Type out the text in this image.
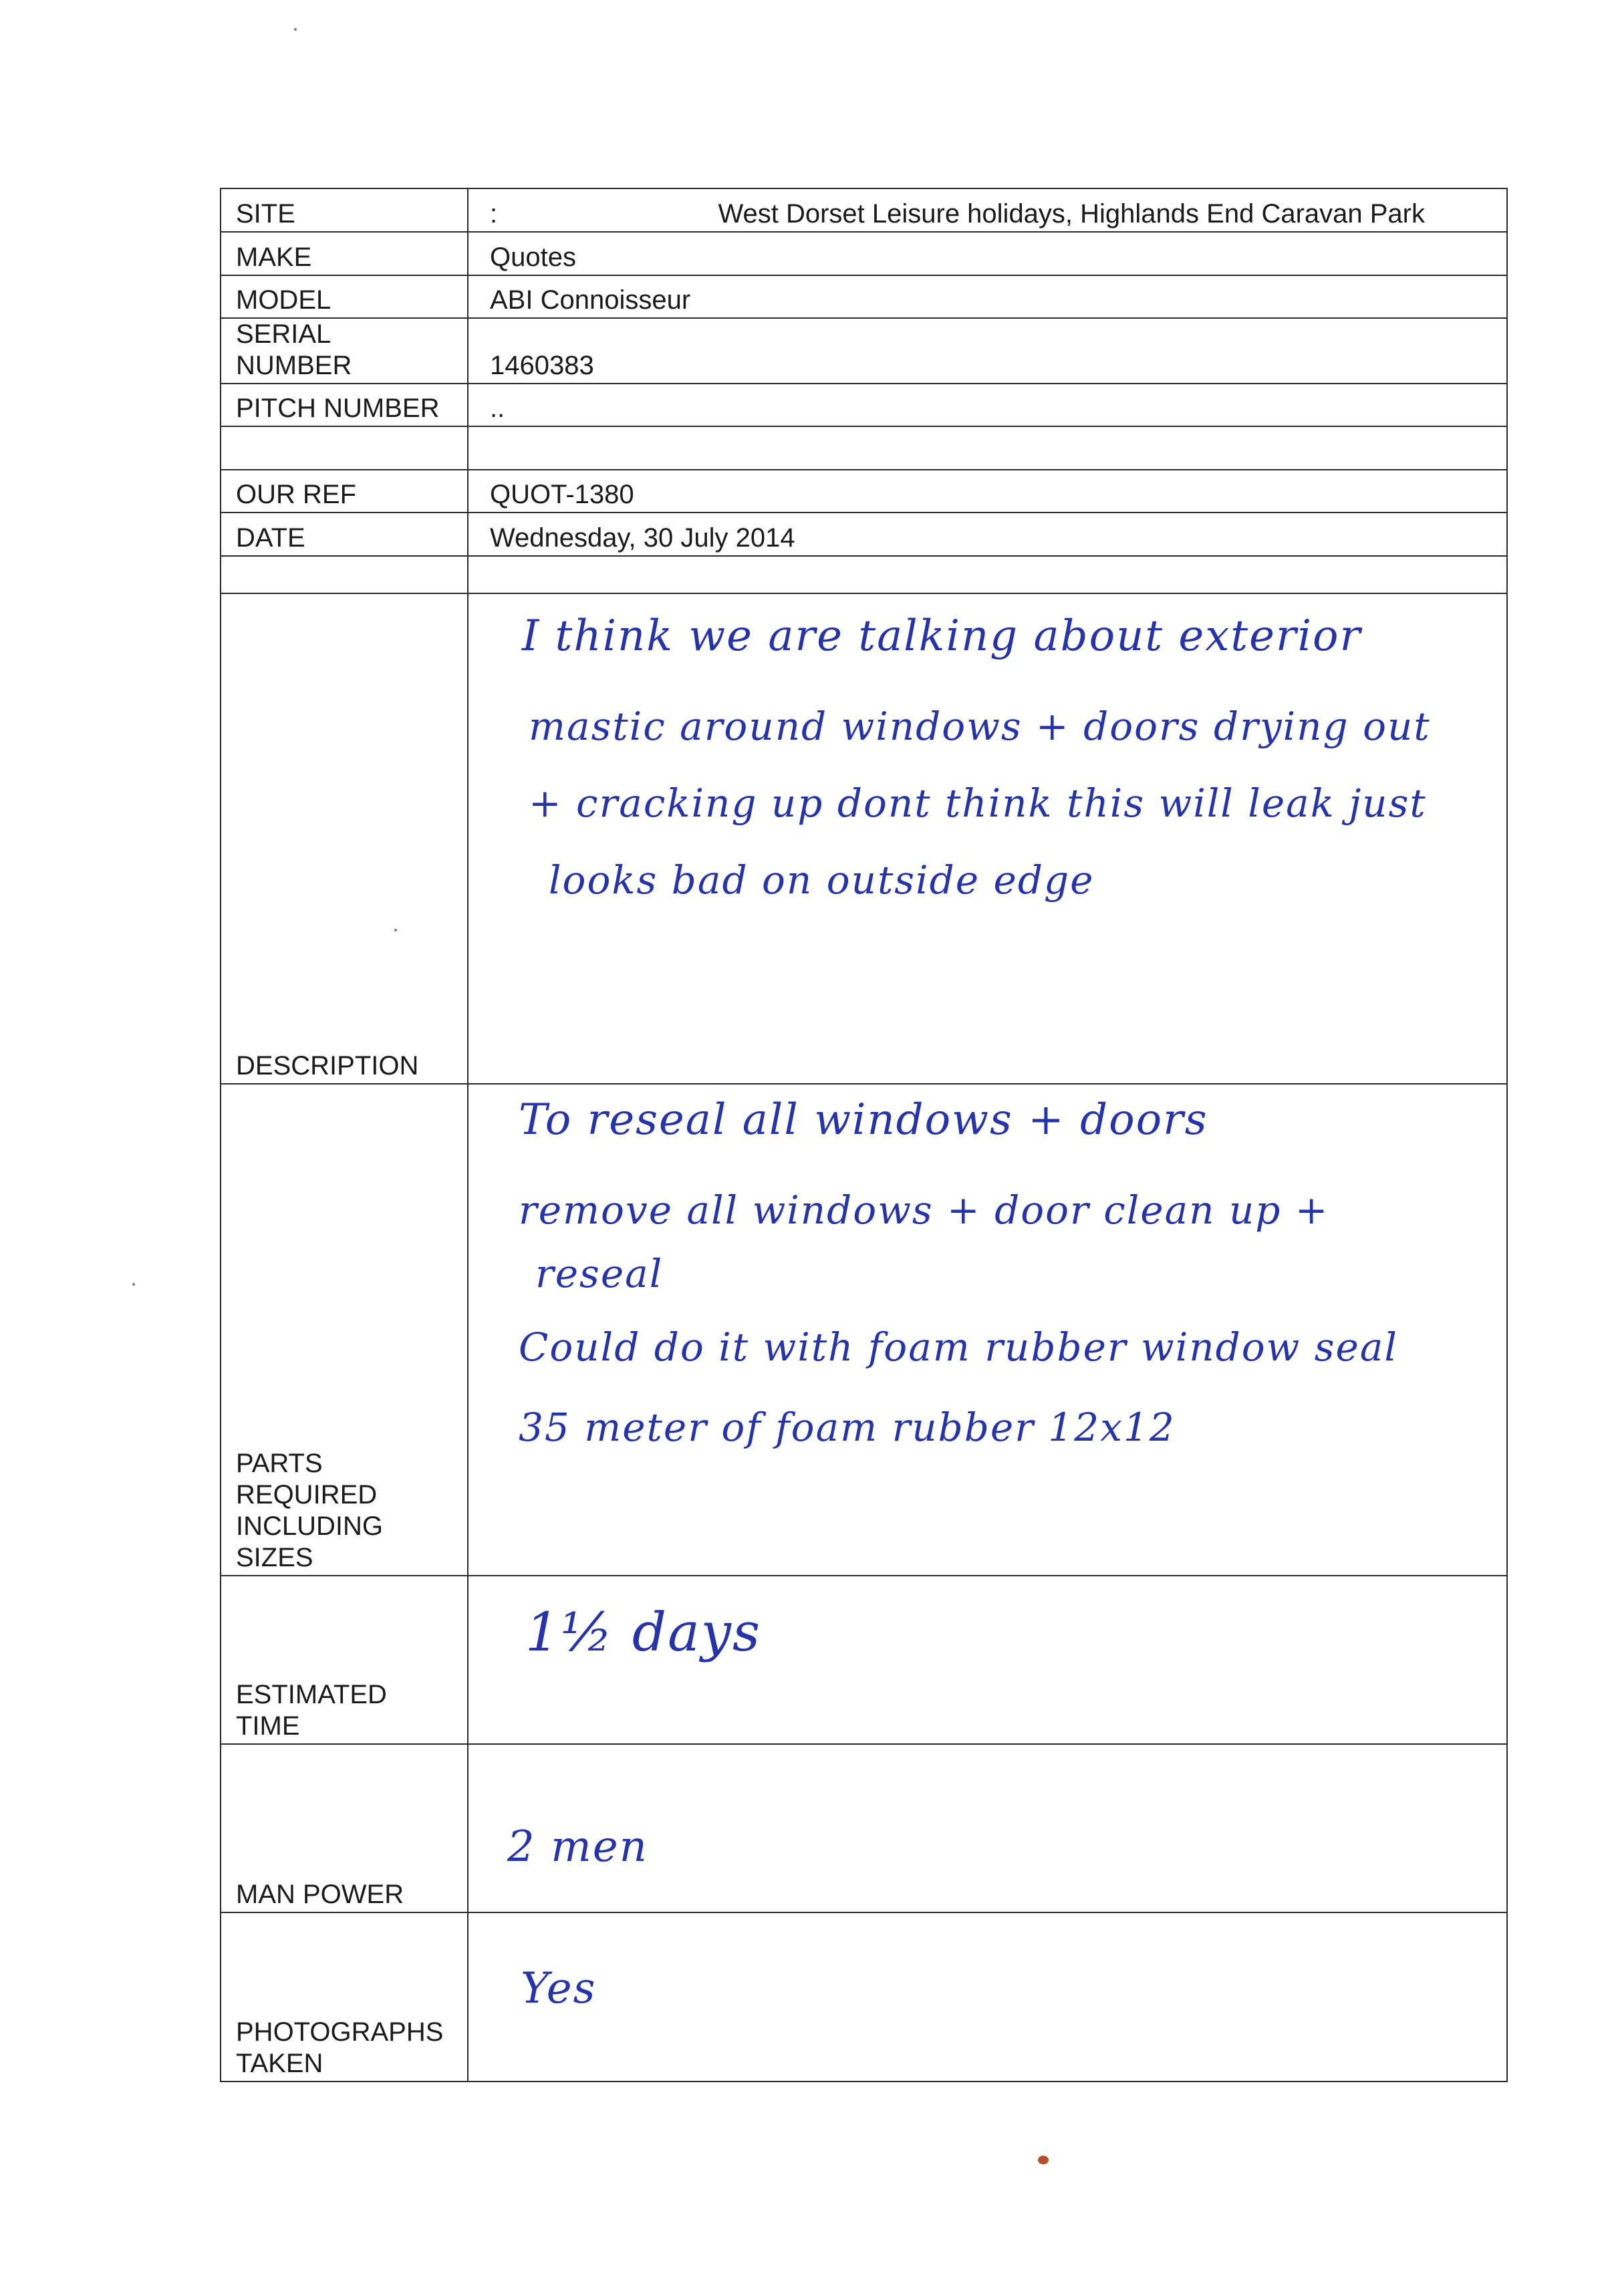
SITE	: West Dorset Leisure holidays, Highlands End Caravan Park

MAKE	Quotes
MODEL	ABI Connoisseur
SERIAL
NUMBER	1460383
PITCH NUMBER	..

OUR REF	QUOT-1380
DATE	Wednesday, 30 July 2014

DESCRIPTION	I think we are talking about exterior
mastic around windows + doors drying out
+ cracking up dont think this will leak just
looks bad on outside edge

PARTS
REQUIRED
INCLUDING
SIZES	To reseal all windows + doors
remove all windows + door clean up +
reseal
Could do it with foam rubber window seal
35 meter of foam rubber 12x12

ESTIMATED
TIME	1½ days

MAN POWER	2 men

PHOTOGRAPHS
TAKEN	Yes
